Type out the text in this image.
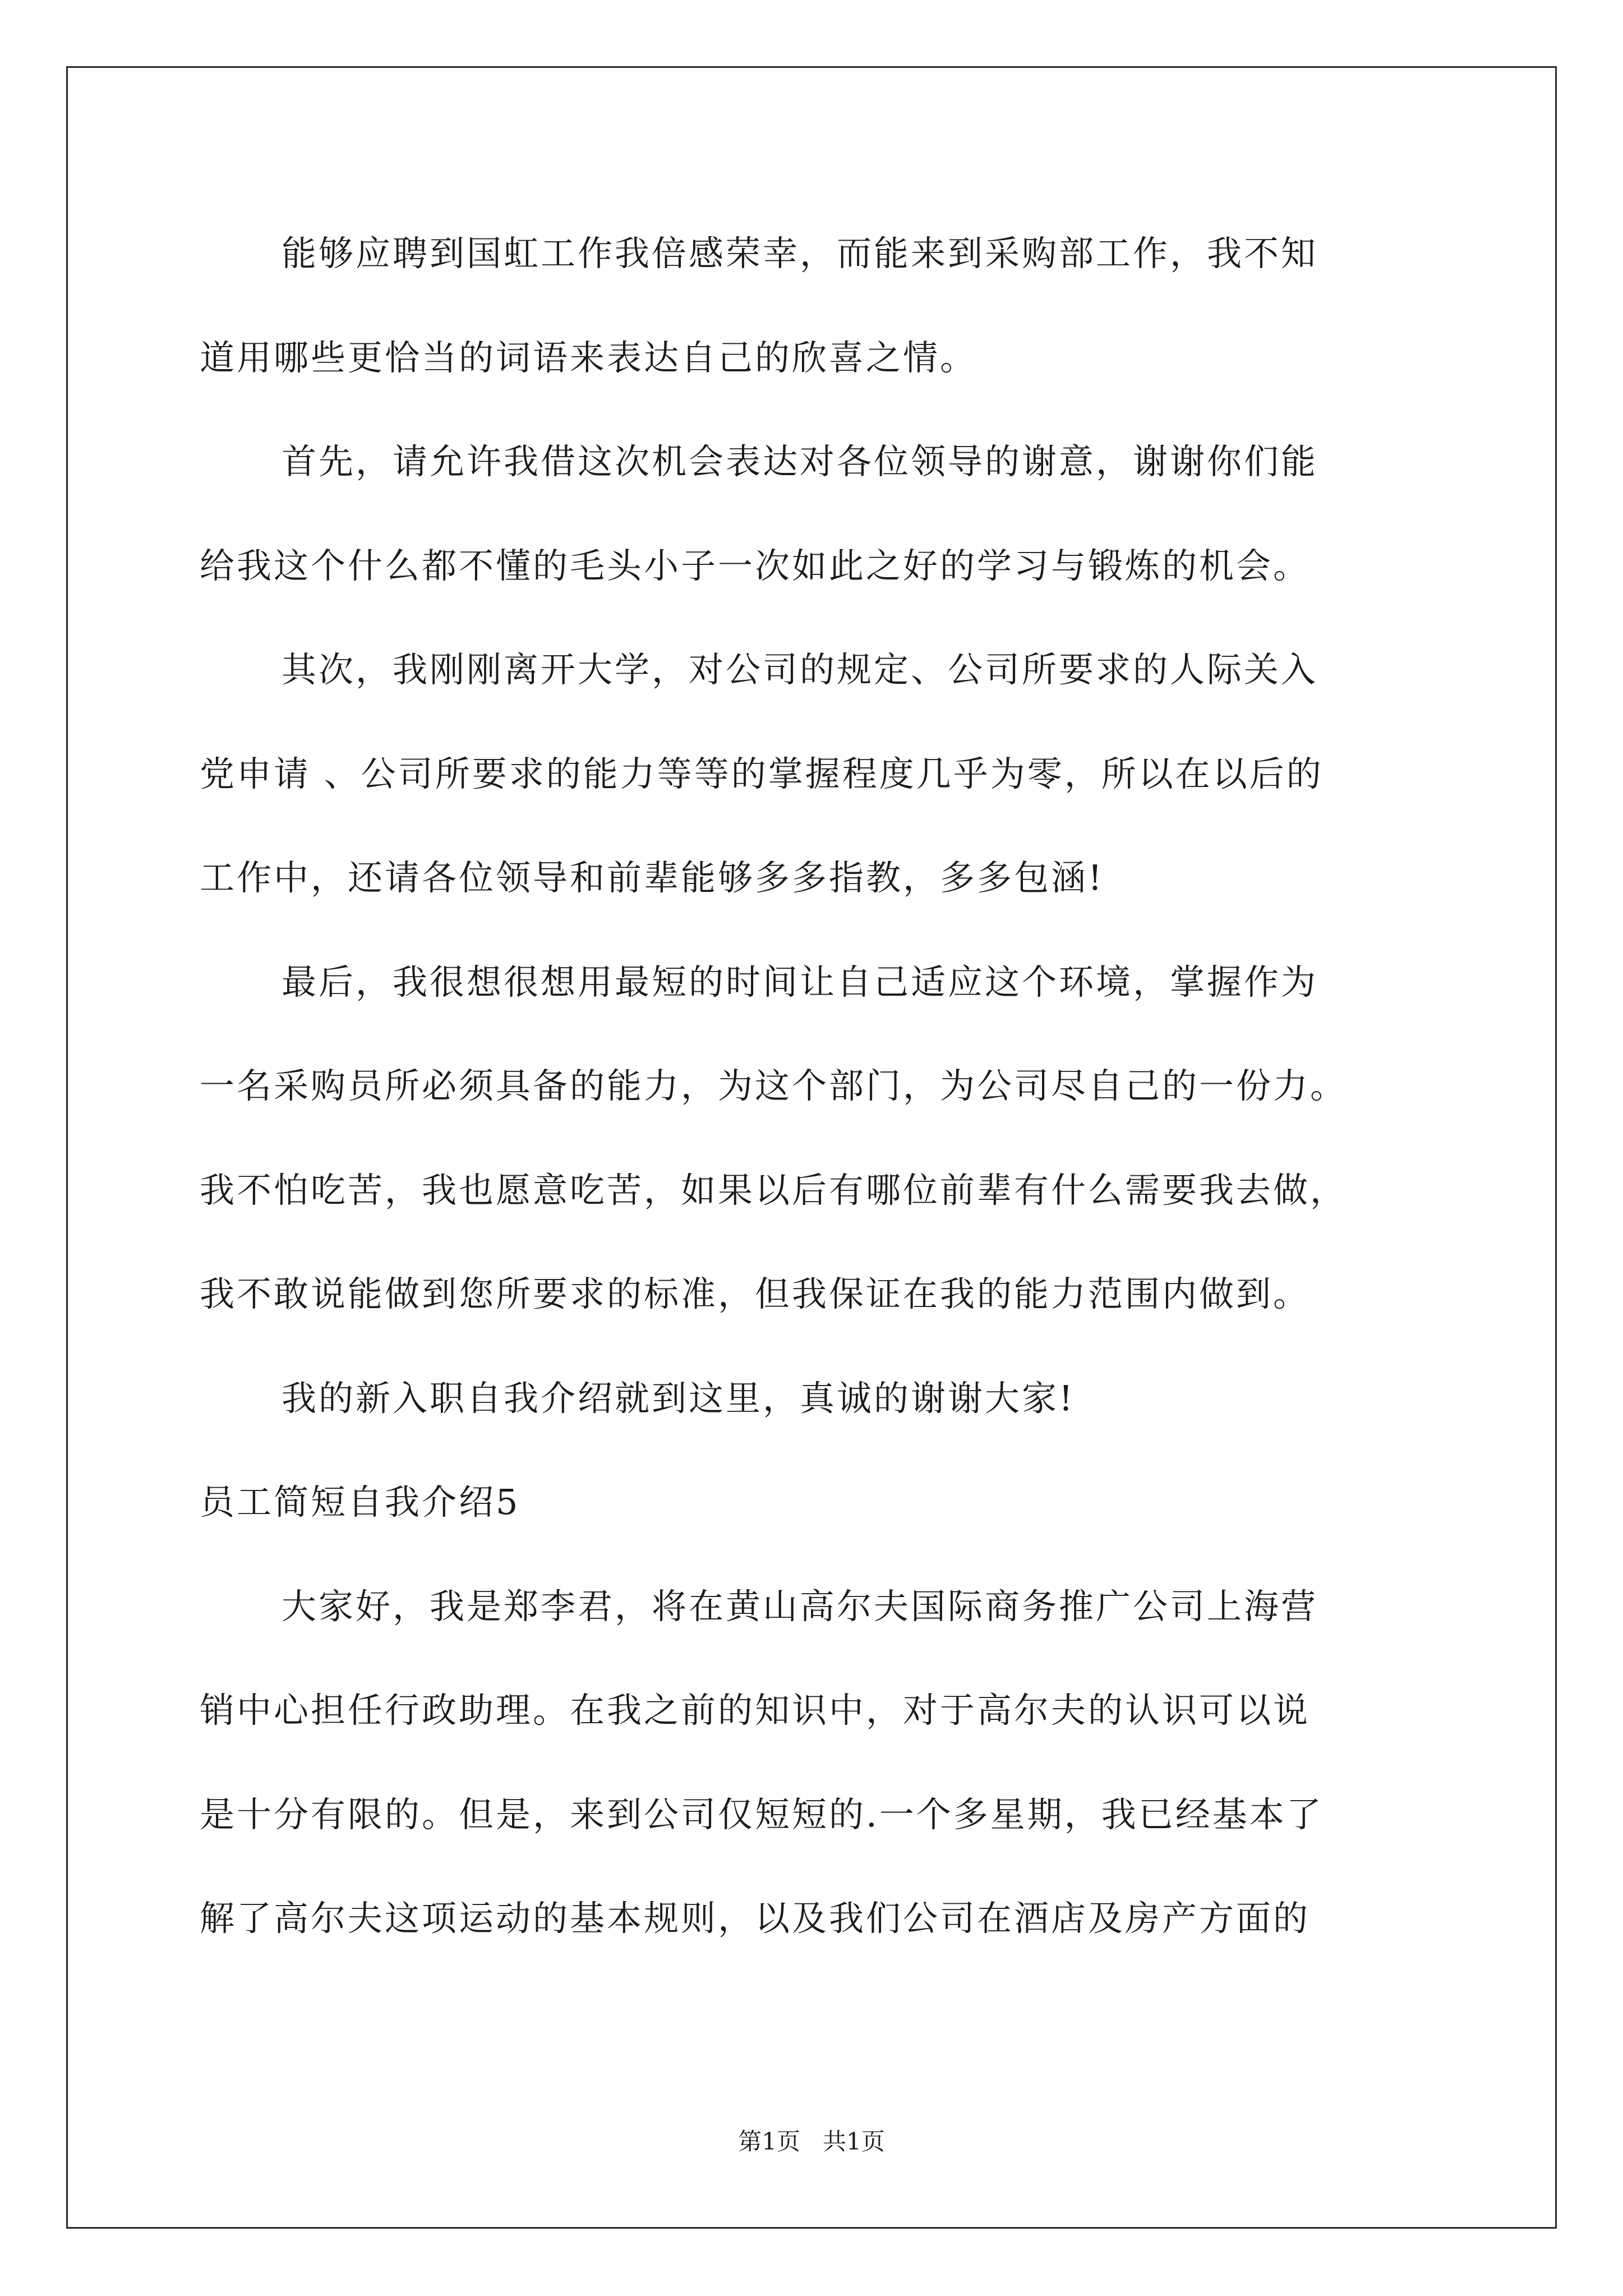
能够应聘到国虹工作我倍感荣幸，而能来到采购部工作，我不知
道用哪些更恰当的词语来表达自己的欣喜之情。
首先，请允许我借这次机会表达对各位领导的谢意，谢谢你们能
给我这个什么都不懂的毛头小子一次如此之好的学习与锻炼的机会。
其次，我刚刚离开大学，对公司的规定、公司所要求的人际关入
党申请 、公司所要求的能力等等的掌握程度几乎为零，所以在以后的
工作中，还请各位领导和前辈能够多多指教，多多包涵!
最后，我很想很想用最短的时间让自己适应这个环境，掌握作为
一名采购员所必须具备的能力，为这个部门，为公司尽自己的一份力。
我不怕吃苦，我也愿意吃苦，如果以后有哪位前辈有什么需要我去做，
我不敢说能做到您所要求的标准，但我保证在我的能力范围内做到。
我的新入职自我介绍就到这里，真诚的谢谢大家!
员工简短自我介绍5
大家好，我是郑李君，将在黄山高尔夫国际商务推广公司上海营
销中心担任行政助理。在我之前的知识中，对于高尔夫的认识可以说
是十分有限的。但是，来到公司仅短短的.一个多星期，我已经基本了
解了高尔夫这项运动的基本规则，以及我们公司在酒店及房产方面的
第1页   共1页
